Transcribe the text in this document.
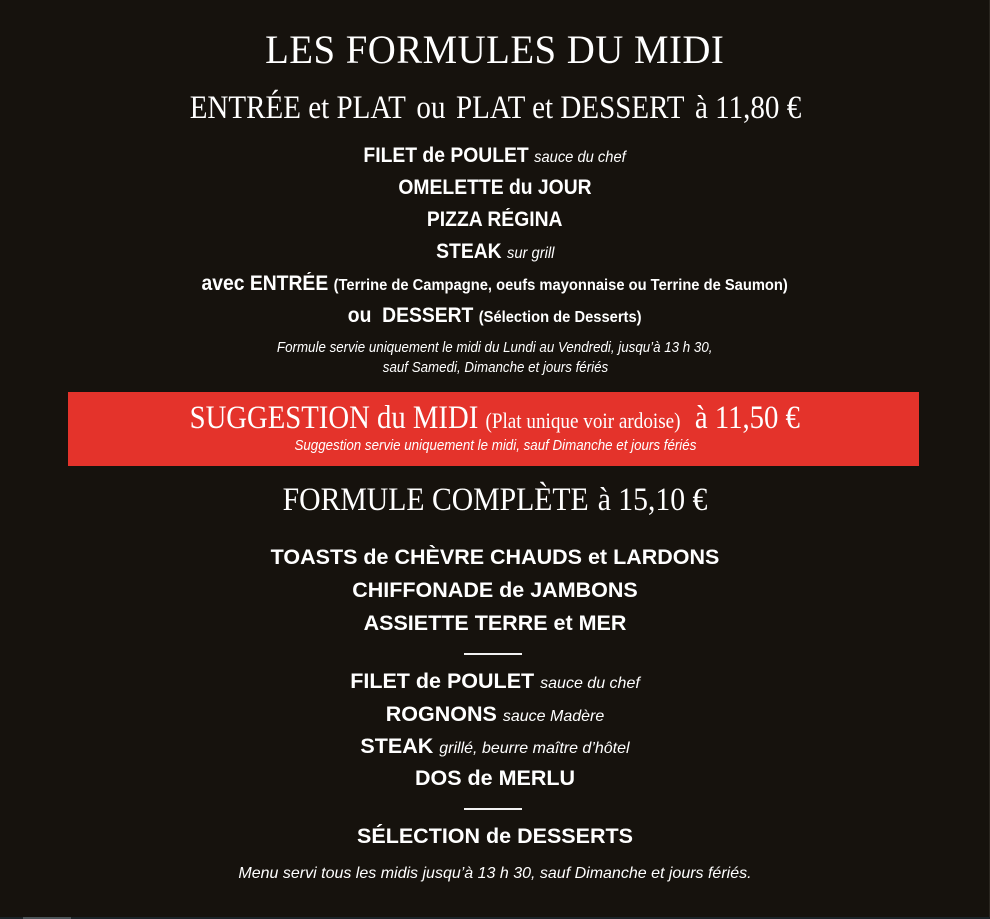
LES FORMULES DU MIDI
ENTRÉE et PLAT ou PLAT et DESSERT à 11,80 €
FILET de POULET sauce du chef
OMELETTE du JOUR
PIZZA RÉGINA
STEAK sur grill
avec ENTRÉE (Terrine de Campagne, oeufs mayonnaise ou Terrine de Saumon)
ou  DESSERT (Sélection de Desserts)
Formule servie uniquement le midi du Lundi au Vendredi, jusqu’à 13 h 30,
sauf Samedi, Dimanche et jours fériés
SUGGESTION du MIDI (Plat unique voir ardoise) à 11,50 €
Suggestion servie uniquement le midi, sauf Dimanche et jours fériés
FORMULE COMPLÈTE à 15,10 €
TOASTS de CHÈVRE CHAUDS et LARDONS
CHIFFONADE de JAMBONS
ASSIETTE TERRE et MER
FILET de POULET sauce du chef
ROGNONS sauce Madère
STEAK grillé, beurre maître d’hôtel
DOS de MERLU
SÉLECTION de DESSERTS
Menu servi tous les midis jusqu’à 13 h 30, sauf Dimanche et jours fériés.
